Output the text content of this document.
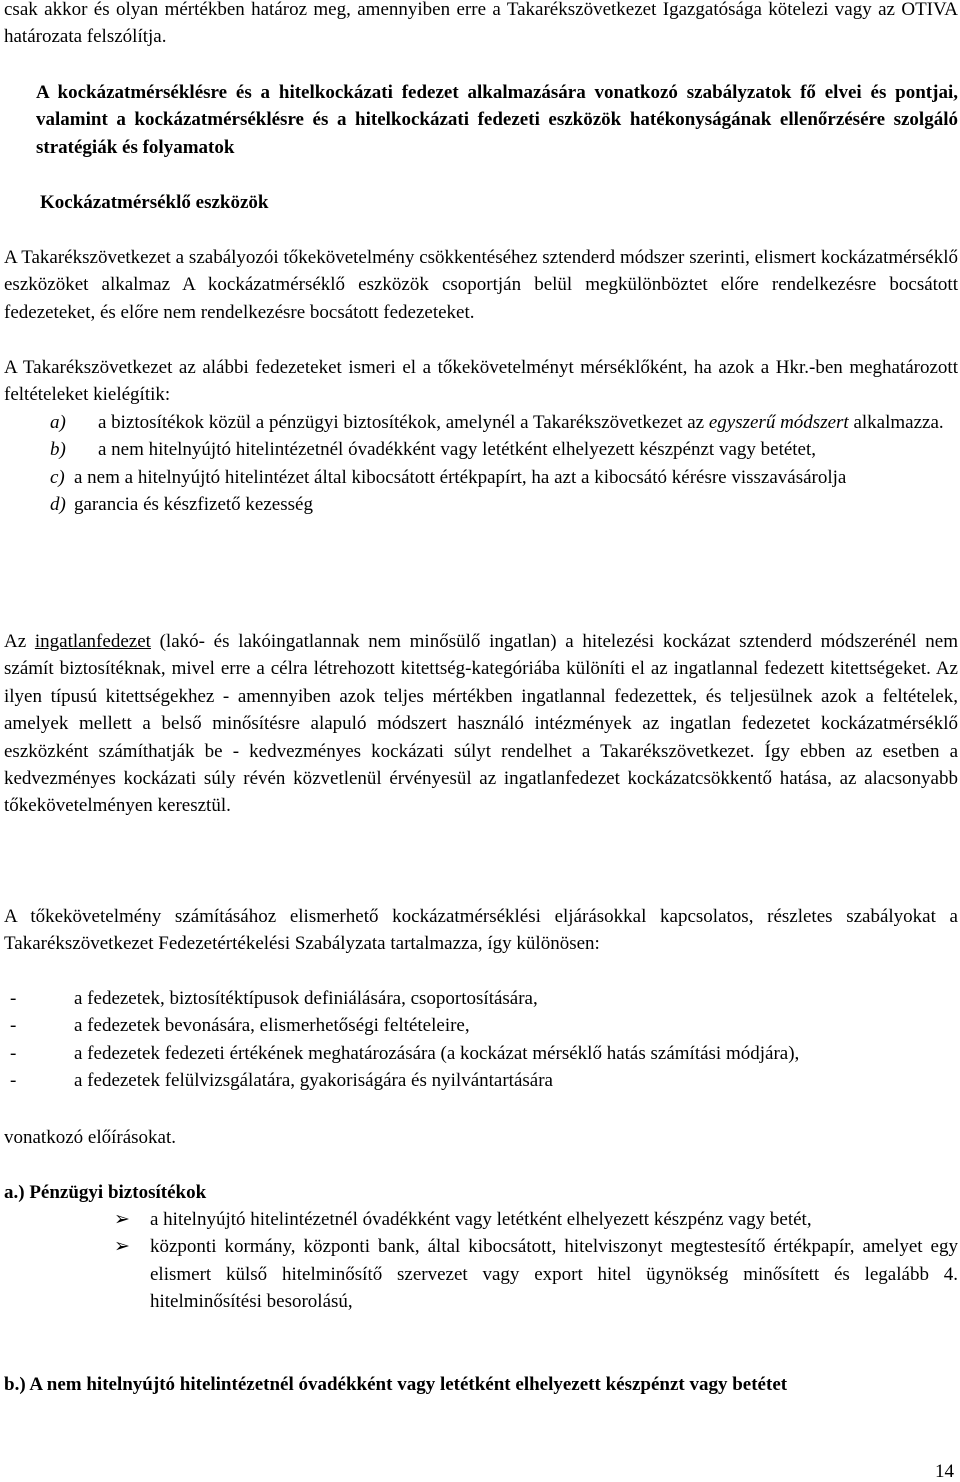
csak akkor és olyan mértékben határoz meg, amennyiben erre a Takarékszövetkezet Igazgatósága kötelezi vagy az OTIVA határozata felszólítja.

A kockázatmérséklésre és a hitelkockázati fedezet alkalmazására vonatkozó szabályzatok fő elvei és pontjai, valamint a kockázatmérséklésre és a hitelkockázati fedezeti eszközök hatékonyságának ellenőrzésére szolgáló stratégiák és folyamatok

Kockázatmérséklő eszközök

A Takarékszövetkezet a szabályozói tőkekövetelmény csökkentéséhez sztenderd módszer szerinti, elismert kockázatmérséklő eszközöket alkalmaz A kockázatmérséklő eszközök csoportján belül megkülönböztet előre rendelkezésre bocsátott fedezeteket, és előre nem rendelkezésre bocsátott fedezeteket.

A Takarékszövetkezet az alábbi fedezeteket ismeri el a tőkekövetelményt mérséklőként, ha azok a Hkr.-ben meghatározott feltételeket kielégítik:

a) a biztosítékok közül a pénzügyi biztosítékok, amelynél a Takarékszövetkezet az egyszerű módszert alkalmazza.

b) a nem hitelnyújtó hitelintézetnél óvadékként vagy letétként elhelyezett készpénzt vagy betétet,

c) a nem a hitelnyújtó hitelintézet által kibocsátott értékpapírt, ha azt a kibocsátó kérésre visszavásárolja

d) garancia és készfizető kezesség

Az ingatlanfedezet (lakó- és lakóingatlannak nem minősülő ingatlan) a hitelezési kockázat sztenderd módszerénél nem számít biztosítéknak, mivel erre a célra létrehozott kitettség-kategóriába különíti el az ingatlannal fedezett kitettségeket. Az ilyen típusú kitettségekhez - amennyiben azok teljes mértékben ingatlannal fedezettek, és teljesülnek azok a feltételek, amelyek mellett a belső minősítésre alapuló módszert használó intézmények az ingatlan fedezetet kockázatmérséklő eszközként számíthatják be - kedvezményes kockázati súlyt rendelhet a Takarékszövetkezet. Így ebben az esetben a kedvezményes kockázati súly révén közvetlenül érvényesül az ingatlanfedezet kockázatcsökkentő hatása, az alacsonyabb tőkekövetelményen keresztül.

A tőkekövetelmény számításához elismerhető kockázatmérséklési eljárásokkal kapcsolatos, részletes szabályokat a Takarékszövetkezet Fedezetértékelési Szabályzata tartalmazza, így különösen:

-	a fedezetek, biztosítéktípusok definiálására, csoportosítására,

-	a fedezetek bevonására, elismerhetőségi feltételeire,

-	a fedezetek fedezeti értékének meghatározására (a kockázat mérséklő hatás számítási módjára),

-	a fedezetek felülvizsgálatára, gyakoriságára és nyilvántartására

vonatkozó előírásokat.

a.) Pénzügyi biztosítékok

➢ a hitelnyújtó hitelintézetnél óvadékként vagy letétként elhelyezett készpénz vagy betét,

➢ központi kormány, központi bank, által kibocsátott, hitelviszonyt megtestesítő értékpapír, amelyet egy elismert külső hitelminősítő szervezet vagy export hitel ügynökség minősített és legalább 4. hitelminősítési besorolású,

b.) A nem hitelnyújtó hitelintézetnél óvadékként vagy letétként elhelyezett készpénzt vagy betétet

14
